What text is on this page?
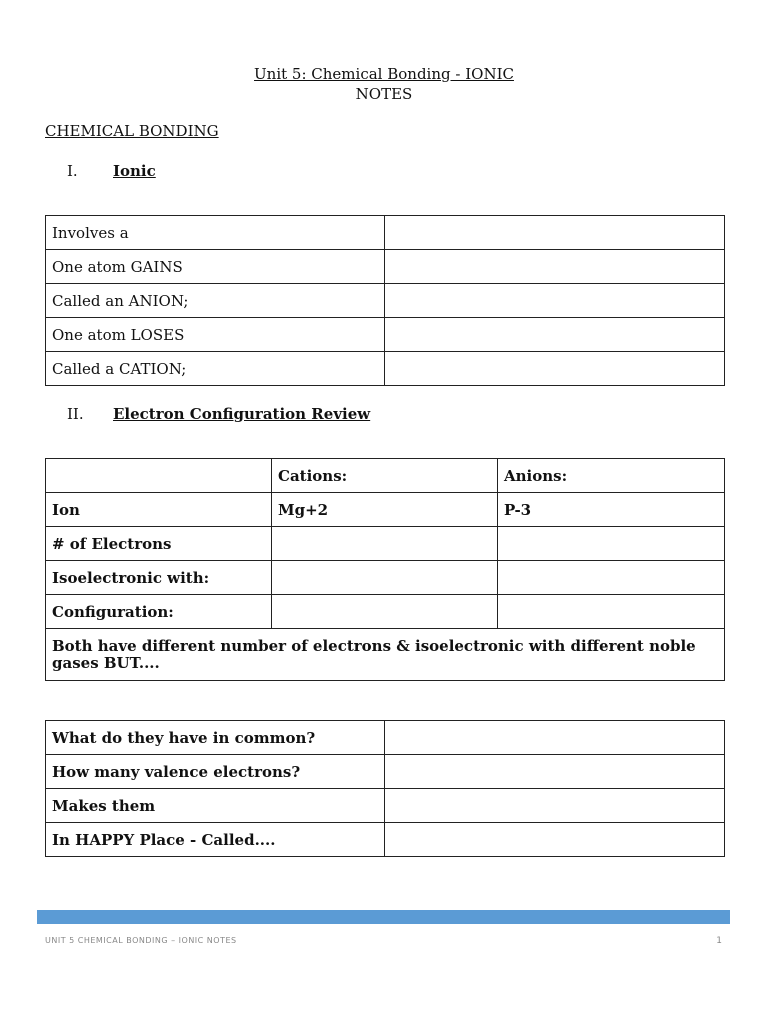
Unit 5: Chemical Bonding - IONIC
NOTES
CHEMICAL BONDING
I. Ionic
Involves a	
One atom GAINS	
Called an ANION;	
One atom LOSES	
Called a CATION;	
II. Electron Configuration Review
	Cations:	Anions:
Ion	Mg+2	P-3
# of Electrons		
Isoelectronic with:		
Configuration:		
Both have different number of electrons & isoelectronic with different noble gases BUT....		
What do they have in common?	
How many valence electrons?	
Makes them	
In HAPPY Place - Called....	
UNIT 5 CHEMICAL BONDING – IONIC NOTES	1
